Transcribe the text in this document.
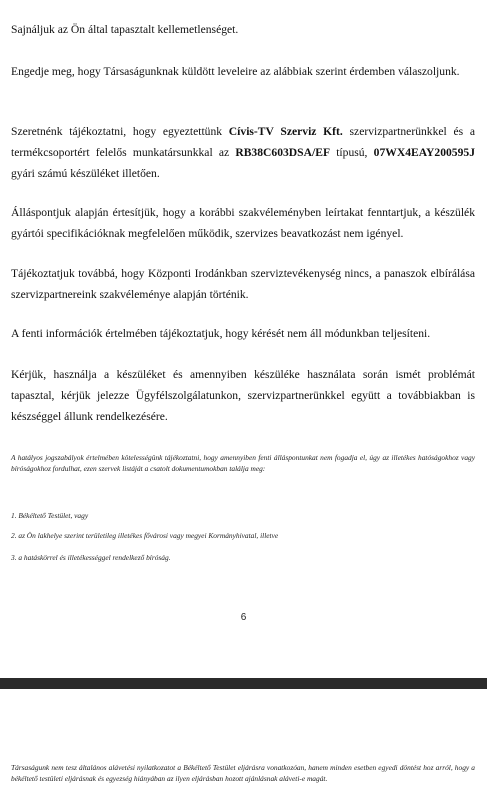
Sajnáljuk az Ön által tapasztalt kellemetlenséget.

Engedje meg, hogy Társaságunknak küldött leveleire az alábbiak szerint érdemben válaszoljunk.

Szeretnénk tájékoztatni, hogy egyeztettünk Cívis-TV Szerviz Kft. szervizpartnerünkkel és a termékcsoportért felelős munkatársunkkal az RB38C603DSA/EF típusú, 07WX4EAY200595J gyári számú készüléket illetően.

Álláspontjuk alapján értesítjük, hogy a korábbi szakvéleményben leírtakat fenntartjuk, a készülék gyártói specifikációknak megfelelően működik, szervizes beavatkozást nem igényel.

Tájékoztatjuk továbbá, hogy Központi Irodánkban szerviztevékenység nincs, a panaszok elbírálása szervizpartnereink szakvéleménye alapján történik.

A fenti információk értelmében tájékoztatjuk, hogy kérését nem áll módunkban teljesíteni.

Kérjük, használja a készüléket és amennyiben készüléke használata során ismét problémát tapasztal, kérjük jelezze Ügyfélszolgálatunkon, szervizpartnerünkkel együtt a továbbiakban is készséggel állunk rendelkezésére.

A hatályos jogszabályok értelmében kötelességünk tájékoztatni, hogy amennyiben fenti álláspontunkat nem fogadja el, úgy az illetékes hatóságokhoz vagy bíróságokhoz fordulhat, ezen szervek listáját a csatolt dokumentumokban találja meg:

1. Békéltető Testület, vagy

2. az Ön lakhelye szerint területileg illetékes fővárosi vagy megyei Kormányhivatal, illetve

3. a hatáskörrel és illetékességgel rendelkező bíróság.

6

Társaságunk nem tesz általános alávetési nyilatkozatot a Békéltető Testület eljárásra vonatkozóan, hanem minden esetben egyedi döntést hoz arról, hogy a békéltető testületi eljárásnak és egyezség hiányában az ilyen eljárásban hozott ajánlásnak aláveti-e magát.
